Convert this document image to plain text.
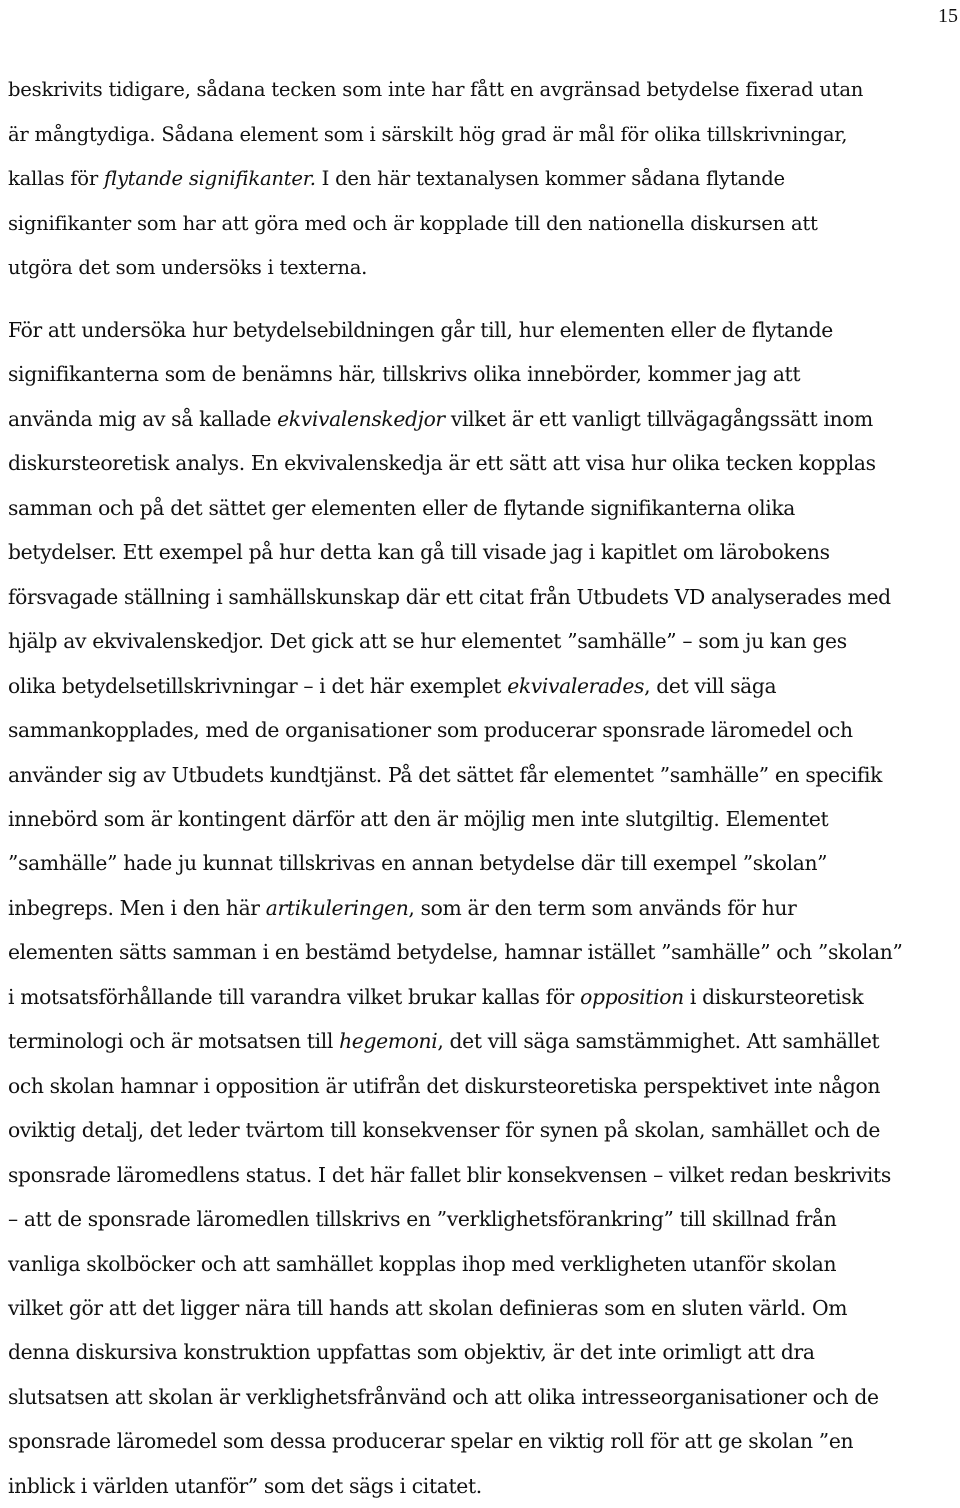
15
beskrivits tidigare, sådana tecken som inte har fått en avgränsad betydelse fixerad utan
är mångtydiga. Sådana element som i särskilt hög grad är mål för olika tillskrivningar,
kallas för flytande signifikanter. I den här textanalysen kommer sådana flytande
signifikanter som har att göra med och är kopplade till den nationella diskursen att
utgöra det som undersöks i texterna.
För att undersöka hur betydelsebildningen går till, hur elementen eller de flytande
signifikanterna som de benämns här, tillskrivs olika innebörder, kommer jag att
använda mig av så kallade ekvivalenskedjor vilket är ett vanligt tillvägagångssätt inom
diskursteoretisk analys. En ekvivalenskedja är ett sätt att visa hur olika tecken kopplas
samman och på det sättet ger elementen eller de flytande signifikanterna olika
betydelser. Ett exempel på hur detta kan gå till visade jag i kapitlet om lärobokens
försvagade ställning i samhällskunskap där ett citat från Utbudets VD analyserades med
hjälp av ekvivalenskedjor. Det gick att se hur elementet ”samhälle” – som ju kan ges
olika betydelsetillskrivningar – i det här exemplet ekvivalerades, det vill säga
sammankopplades, med de organisationer som producerar sponsrade läromedel och
använder sig av Utbudets kundtjänst. På det sättet får elementet ”samhälle” en specifik
innebörd som är kontingent därför att den är möjlig men inte slutgiltig. Elementet
”samhälle” hade ju kunnat tillskrivas en annan betydelse där till exempel ”skolan”
inbegreps. Men i den här artikuleringen, som är den term som används för hur
elementen sätts samman i en bestämd betydelse, hamnar istället ”samhälle” och ”skolan”
i motsatsförhållande till varandra vilket brukar kallas för opposition i diskursteoretisk
terminologi och är motsatsen till hegemoni, det vill säga samstämmighet. Att samhället
och skolan hamnar i opposition är utifrån det diskursteoretiska perspektivet inte någon
oviktig detalj, det leder tvärtom till konsekvenser för synen på skolan, samhället och de
sponsrade läromedlens status. I det här fallet blir konsekvensen – vilket redan beskrivits
– att de sponsrade läromedlen tillskrivs en ”verklighetsförankring” till skillnad från
vanliga skolböcker och att samhället kopplas ihop med verkligheten utanför skolan
vilket gör att det ligger nära till hands att skolan definieras som en sluten värld. Om
denna diskursiva konstruktion uppfattas som objektiv, är det inte orimligt att dra
slutsatsen att skolan är verklighetsfrånvänd och att olika intresseorganisationer och de
sponsrade läromedel som dessa producerar spelar en viktig roll för att ge skolan ”en
inblick i världen utanför” som det sägs i citatet.
